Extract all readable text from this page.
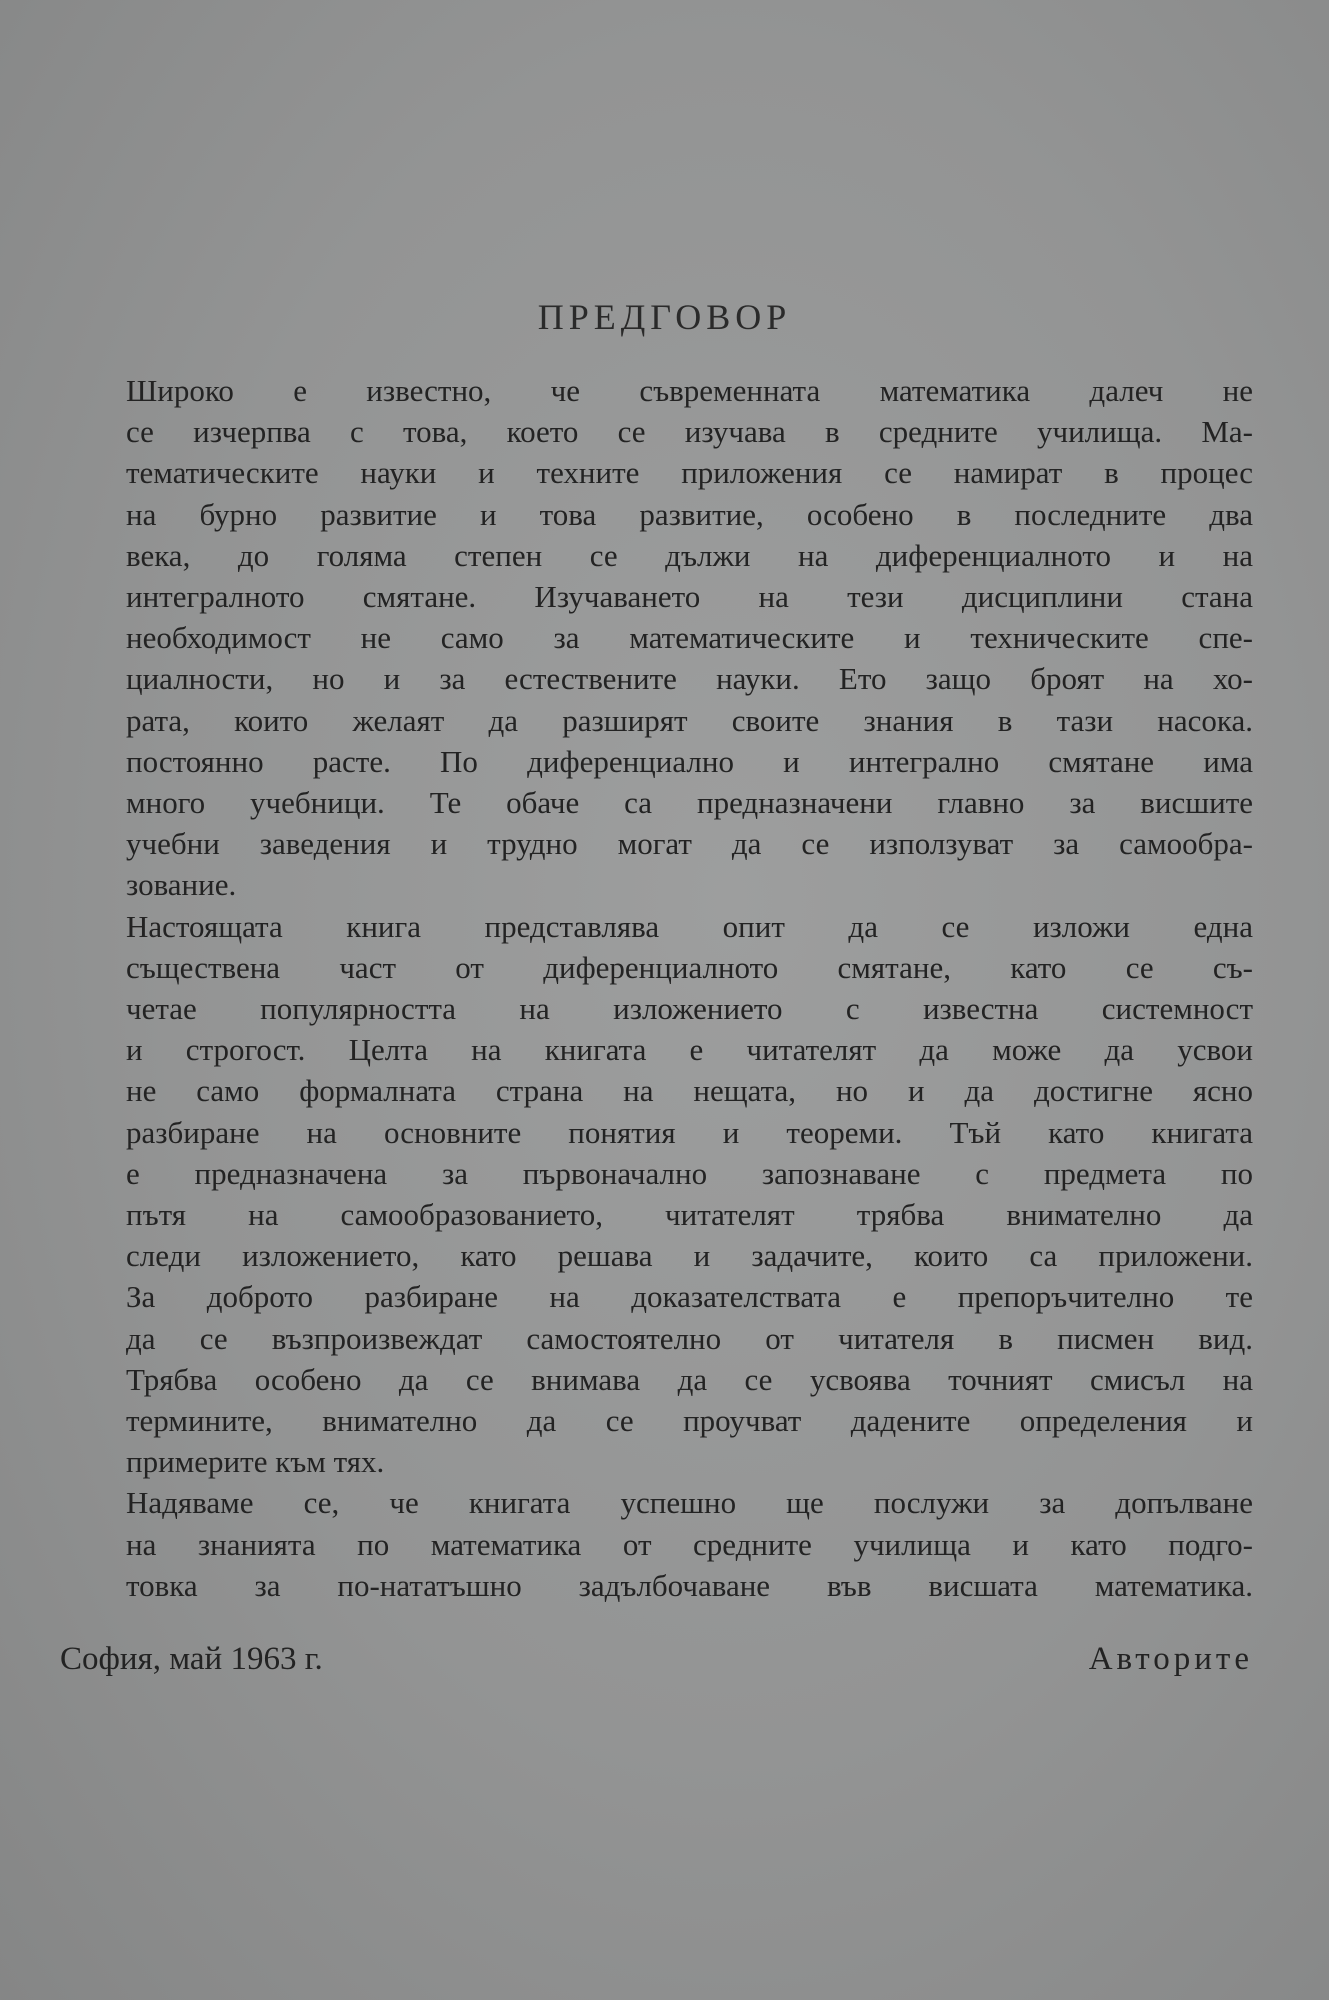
ПРЕДГОВОР

Широко е известно, че съвременната математика далеч не
се изчерпва с това, което се изучава в средните училища. Ма-
тематическите науки и техните приложения се намират в процес
на бурно развитие и това развитие, особено в последните два
века, до голяма степен се дължи на диференциалното и на
интегралното смятане. Изучаването на тези дисциплини стана
необходимост не само за математическите и техническите спе-
циалности, но и за естествените науки. Ето защо броят на хо-
рата, които желаят да разширят своите знания в тази насока.
постоянно расте. По диференциално и интегрално смятане има
много учебници. Те обаче са предназначени главно за висшите
учебни заведения и трудно могат да се използуват за самообра-
зование.

Настоящата книга представлява опит да се изложи една
съществена част от диференциалното смятане, като се съ-
четае популярността на изложението с известна системност
и строгост. Целта на книгата е читателят да може да усвои
не само формалната страна на нещата, но и да достигне ясно
разбиране на основните понятия и теореми. Тъй като книгата
е предназначена за първоначално запознаване с предмета по
пътя на самообразованието, читателят трябва внимателно да
следи изложението, като решава и задачите, които са приложени.
За доброто разбиране на доказателствата е препоръчително те
да се възпроизвеждат самостоятелно от читателя в писмен вид.
Трябва особено да се внимава да се усвоява точният смисъл на
термините, внимателно да се проучват дадените определения и
примерите към тях.

Надяваме се, че книгата успешно ще послужи за допълване
на знанията по математика от средните училища и като подго-
товка за по-нататъшно задълбочаване във висшата математика.

София, май 1963 г.	Авторите
